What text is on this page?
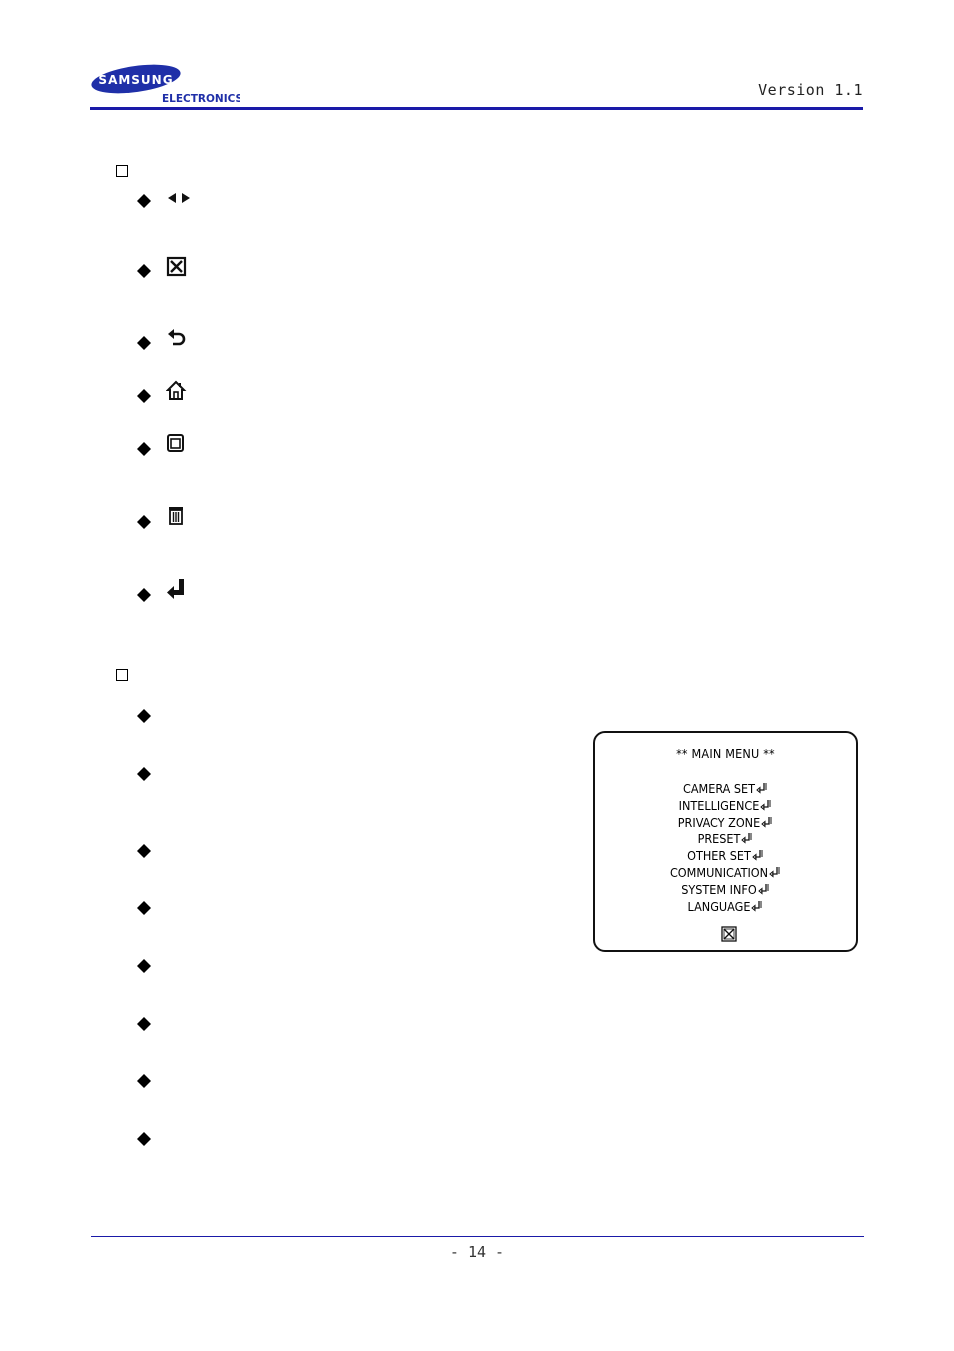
SAMSUNG
ELECTRONICS	Version 1.1
** MAIN MENU **
CAMERA SET
INTELLIGENCE
PRIVACY ZONE
PRESET
OTHER SET
COMMUNICATION
SYSTEM INFO
LANGUAGE
- 14 -
